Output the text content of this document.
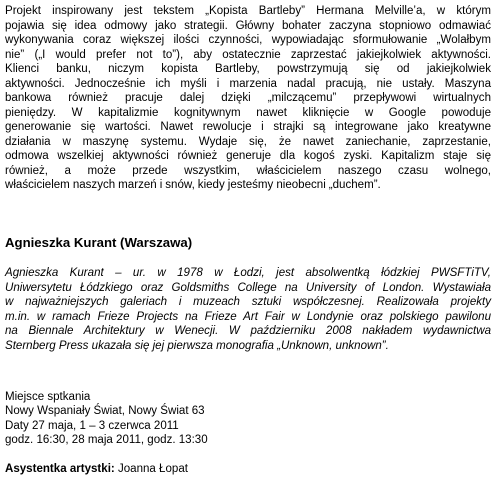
Projekt inspirowany jest tekstem „Kopista Bartleby” Hermana Melville’a, w którym
pojawia się idea odmowy jako strategii. Główny bohater zaczyna stopniowo odmawiać
wykonywania coraz większej ilości czynności, wypowiadając sformułowanie „Wolałbym
nie” („I would prefer not to”), aby ostatecznie zaprzestać jakiejkolwiek aktywności.
Klienci banku, niczym kopista Bartleby, powstrzymują się od jakiejkolwiek
aktywności. Jednocześnie ich myśli i marzenia nadal pracują, nie ustały. Maszyna
bankowa również pracuje dalej dzięki „milczącemu” przepływowi wirtualnych
pieniędzy. W kapitalizmie kognitywnym nawet kliknięcie w Google powoduje
generowanie się wartości. Nawet rewolucje i strajki są integrowane jako kreatywne
działania w maszynę systemu. Wydaje się, że nawet zaniechanie, zaprzestanie,
odmowa wszelkiej aktywności również generuje dla kogoś zyski. Kapitalizm staje się
również, a może przede wszystkim, właścicielem naszego czasu wolnego,
właścicielem naszych marzeń i snów, kiedy jesteśmy nieobecni „duchem”.

Agnieszka Kurant (Warszawa)

Agnieszka Kurant – ur. w 1978 w Łodzi, jest absolwentką łódzkiej PWSFTiTV,
Uniwersytetu Łódzkiego oraz Goldsmiths College na University of London. Wystawiała
w najważniejszych galeriach i muzeach sztuki współczesnej. Realizowała projekty
m.in. w ramach Frieze Projects na Frieze Art Fair w Londynie oraz polskiego pawilonu
na Biennale Architektury w Wenecji. W październiku 2008 nakładem wydawnictwa
Sternberg Press ukazała się jej pierwsza monografia „Unknown, unknown”.

Miejsce sptkania
Nowy Wspaniały Świat, Nowy Świat 63
Daty 27 maja, 1 – 3 czerwca 2011
godz. 16:30, 28 maja 2011, godz. 13:30

Asystentka artystki: Joanna Łopat
